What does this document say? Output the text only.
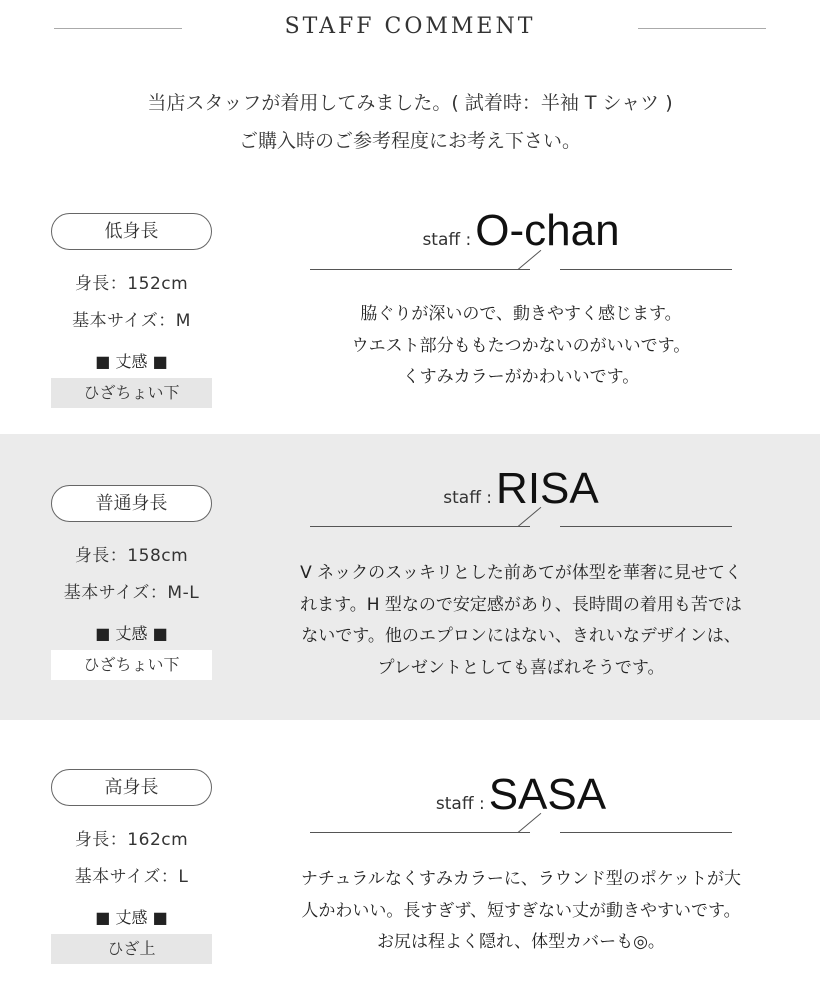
STAFF COMMENT
当店スタッフが着用してみました。( 試着時：半袖 T シャツ )
ご購入時のご参考程度にお考え下さい。
低身長
身長：152cm
基本サイズ：M
■ 丈感 ■
ひざちょい下
staff : O-chan
脇ぐりが深いので、動きやすく感じます。
ウエスト部分ももたつかないのがいいです。
くすみカラーがかわいいです。
普通身長
身長：158cm
基本サイズ：M-L
■ 丈感 ■
ひざちょい下
staff : RISA
V ネックのスッキリとした前あてが体型を華奢に見せてく
れます。H 型なので安定感があり、長時間の着用も苦では
ないです。他のエプロンにはない、きれいなデザインは、
プレゼントとしても喜ばれそうです。
高身長
身長：162cm
基本サイズ：L
■ 丈感 ■
ひざ上
staff : SASA
ナチュラルなくすみカラーに、ラウンド型のポケットが大
人かわいい。長すぎず、短すぎない丈が動きやすいです。
お尻は程よく隠れ、体型カバーも◎。
